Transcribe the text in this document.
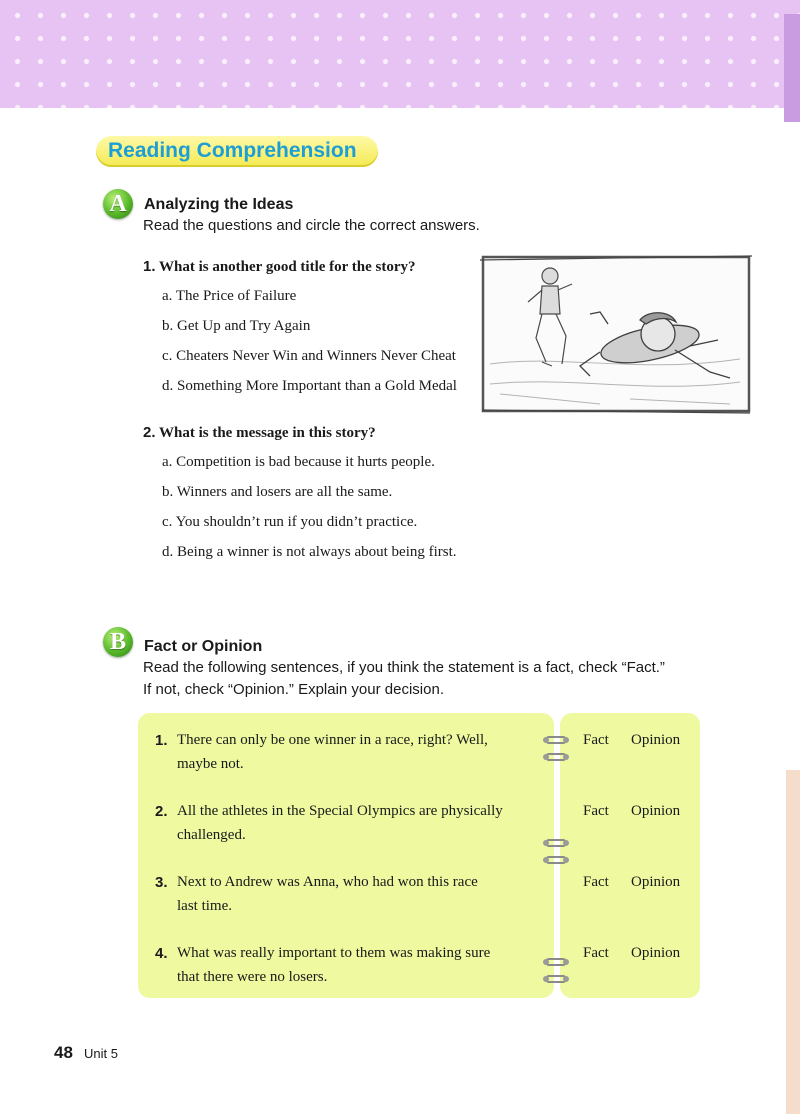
Reading Comprehension
A	Analyzing the Ideas
Read the questions and circle the correct answers.
1. What is another good title for the story?
a. The Price of Failure
b. Get Up and Try Again
c. Cheaters Never Win and Winners Never Cheat
d. Something More Important than a Gold Medal
2. What is the message in this story?
a. Competition is bad because it hurts people.
b. Winners and losers are all the same.
c. You shouldn’t run if you didn’t practice.
d. Being a winner is not always about being first.
B	Fact or Opinion
Read the following sentences, if you think the statement is a fact, check “Fact.”
If not, check “Opinion.” Explain your decision.
1. There can only be one winner in a race, right? Well,
maybe not.
Fact Opinion
2. All the athletes in the Special Olympics are physically
challenged.
Fact Opinion
3. Next to Andrew was Anna, who had won this race
last time.
Fact Opinion
4. What was really important to them was making sure
that there were no losers.
Fact Opinion
48 Unit 5
